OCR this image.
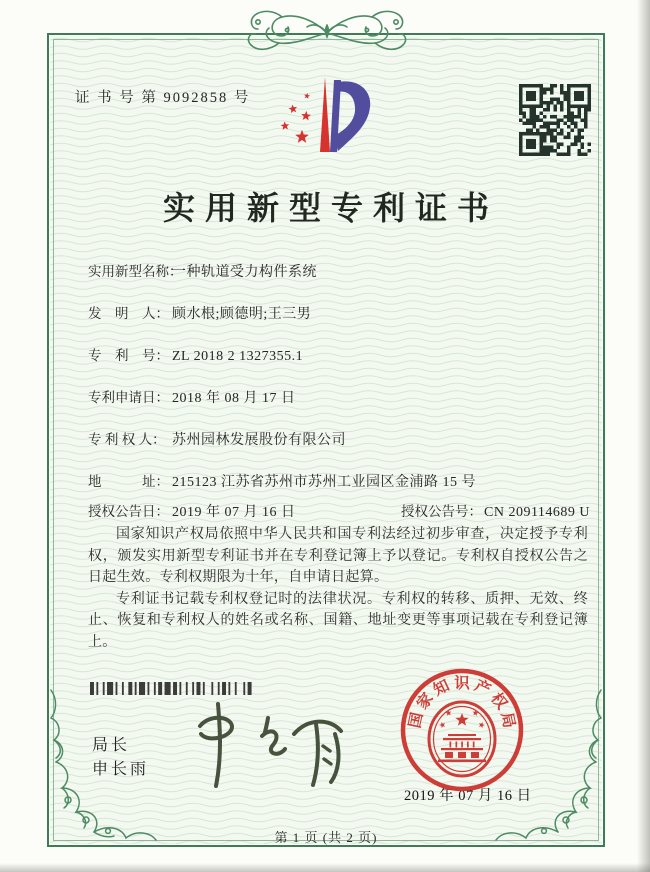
证 书 号 第 9092858 号
实用新型专利证书
实用新型名称：一种轨道受力构件系统
发　明　人： 顾水根;顾德明;王三男
专　利　号： ZL 2018 2 1327355.1
专利申请日： 2018 年 08 月 17 日
专 利 权 人： 苏州园林发展股份有限公司
地　　　址： 215123 江苏省苏州市苏州工业园区金浦路 15 号
授权公告日： 2019 年 07 月 16 日	授权公告号： CN 209114689 U

国家知识产权局依照中华人民共和国专利法经过初步审查，决定授予专利权，颁发实用新型专利证书并在专利登记簿上予以登记。专利权自授权公告之日起生效。专利权期限为十年，自申请日起算。

专利证书记载专利权登记时的法律状况。专利权的转移、质押、无效、终止、恢复和专利权人的姓名或名称、国籍、地址变更等事项记载在专利登记簿上。

局长
申长雨
2019 年 07 月 16 日
国
家
知 识 产
权
局
第 1 页 (共 2 页)
